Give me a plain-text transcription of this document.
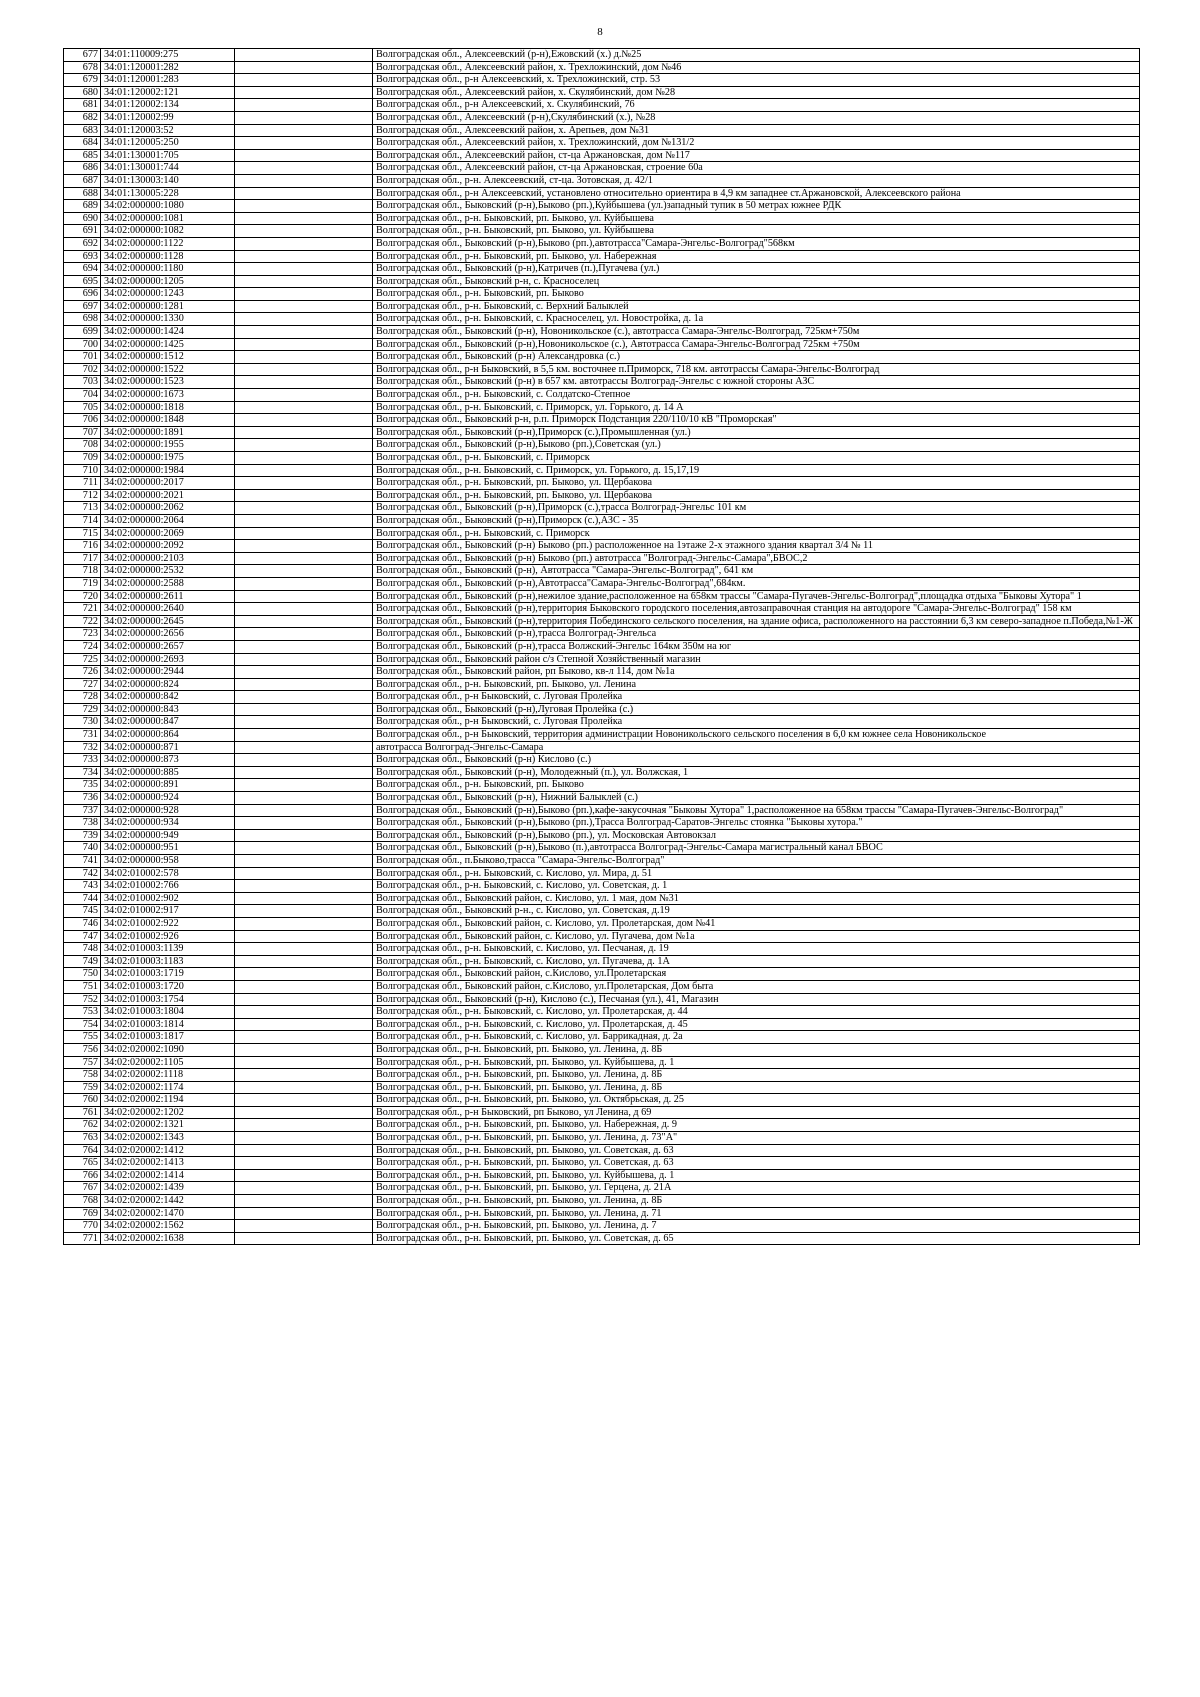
8
677	34:01:110009:275		Волгоградская обл., Алексеевский (р-н),Ежовский (х.) д.№25
678	34:01:120001:282		Волгоградская обл., Алексеевский район, х. Трехложинский, дом №46
679	34:01:120001:283		Волгоградская обл., р-н Алексеевский, х. Трехложинский, стр. 53
680	34:01:120002:121		Волгоградская обл., Алексеевский район, х. Скулябинский, дом №28
681	34:01:120002:134		Волгоградская обл., р-н Алексеевский, х. Скулябинский, 76
682	34:01:120002:99		Волгоградская обл., Алексеевский (р-н),Скулябинский (х.), №28
683	34:01:120003:52		Волгоградская обл., Алексеевский район, х. Арепьев, дом №31
684	34:01:120005:250		Волгоградская обл., Алексеевский район, х. Трехложинский, дом №131/2
685	34:01:130001:705		Волгоградская обл., Алексеевский район, ст-ца Аржановская, дом №117
686	34:01:130001:744		Волгоградская обл., Алексеевский район, ст-ца Аржановская, строение 60а
687	34:01:130003:140		Волгоградская обл., р-н. Алексеевский, ст-ца. Зотовская, д. 42/1
688	34:01:130005:228		Волгоградская обл., р-н Алексеевский, установлено относительно ориентира в 4,9 км западнее ст.Аржановской, Алексеевского района
689	34:02:000000:1080		Волгоградская обл., Быковский (р-н),Быково (рп.),Куйбышева (ул.)западный тупик в 50 метрах южнее РДК
690	34:02:000000:1081		Волгоградская обл., р-н. Быковский, рп. Быково, ул. Куйбышева
691	34:02:000000:1082		Волгоградская обл., р-н. Быковский, рп. Быково, ул. Куйбышева
692	34:02:000000:1122		Волгоградская обл., Быковский (р-н),Быково (рп.),автотрасса"Самара-Энгельс-Волгоград"568км
693	34:02:000000:1128		Волгоградская обл., р-н. Быковский, рп. Быково, ул. Набережная
694	34:02:000000:1180		Волгоградская обл., Быковский (р-н),Катричев (п.),Пугачева (ул.)
695	34:02:000000:1205		Волгоградская обл., Быковский р-н, с. Красноселец
696	34:02:000000:1243		Волгоградская обл., р-н. Быковский, рп. Быково
697	34:02:000000:1281		Волгоградская обл., р-н. Быковский, с. Верхний Балыклей
698	34:02:000000:1330		Волгоградская обл., р-н. Быковский, с. Красноселец, ул. Новостройка, д. 1а
699	34:02:000000:1424		Волгоградская обл., Быковский (р-н), Новоникольское (с.), автотрасса Самара-Энгельс-Волгоград, 725км+750м
700	34:02:000000:1425		Волгоградская обл., Быковский (р-н),Новоникольское (с.), Автотрасса Самара-Энгельс-Волгоград 725км +750м
701	34:02:000000:1512		Волгоградская обл., Быковский (р-н) Александровка (с.)
702	34:02:000000:1522		Волгоградская обл., р-н Быковский, в 5,5 км. восточнее п.Приморск, 718 км. автотрассы Самара-Энгельс-Волгоград
703	34:02:000000:1523		Волгоградская обл., Быковский (р-н) в 657 км. автотрассы Волгоград-Энгельс с южной стороны АЗС
704	34:02:000000:1673		Волгоградская обл., р-н. Быковский, с. Солдатско-Степное
705	34:02:000000:1818		Волгоградская обл., р-н. Быковский, с. Приморск, ул. Горького, д. 14 А
706	34:02:000000:1848		Волгоградская обл., Быковский р-н, р.п. Приморск Подстанция 220/110/10 кВ "Проморская"
707	34:02:000000:1891		Волгоградская обл., Быковский (р-н),Приморск (с.),Промышленная (ул.)
708	34:02:000000:1955		Волгоградская обл., Быковский (р-н),Быково (рп.),Советская (ул.)
709	34:02:000000:1975		Волгоградская обл., р-н. Быковский, с. Приморск
710	34:02:000000:1984		Волгоградская обл., р-н. Быковский, с. Приморск, ул. Горького, д. 15,17,19
711	34:02:000000:2017		Волгоградская обл., р-н. Быковский, рп. Быково, ул. Щербакова
712	34:02:000000:2021		Волгоградская обл., р-н. Быковский, рп. Быково, ул. Щербакова
713	34:02:000000:2062		Волгоградская обл., Быковский (р-н),Приморск (с.),трасса Волгоград-Энгельс 101 км
714	34:02:000000:2064		Волгоградская обл., Быковский (р-н),Приморск (с.),АЗС - 35
715	34:02:000000:2069		Волгоградская обл., р-н. Быковский, с. Приморск
716	34:02:000000:2092		Волгоградская обл., Быковский (р-н) Быково (рп.) расположенное на 1этаже 2-х этажного здания квартал 3/4 № 11
717	34:02:000000:2103		Волгоградская обл., Быковский (р-н) Быково (рп.) автотрасса "Волгоград-Энгельс-Самара",БВОС,2
718	34:02:000000:2532		Волгоградская обл., Быковский (р-н), Автотрасса "Самара-Энгельс-Волгоград", 641 км
719	34:02:000000:2588		Волгоградская обл., Быковский (р-н),Автотрасса"Самара-Энгельс-Волгоград",684км.
720	34:02:000000:2611		Волгоградская обл., Быковский (р-н),нежилое здание,расположенное на 658км трассы "Самара-Пугачев-Энгельс-Волгоград",площадка отдыха "Быковы Хутора" 1
721	34:02:000000:2640		Волгоградская обл., Быковский (р-н),территория Быковского городского поселения,автозаправочная станция на автодороге "Самара-Энгельс-Волгоград" 158 км
722	34:02:000000:2645		Волгоградская обл., Быковский (р-н),территория Побединского сельского поселения, на здание офиса, расположенного на расстоянии 6,3 км северо-западное п.Победа,№1-Ж
723	34:02:000000:2656		Волгоградская обл., Быковский (р-н),трасса Волгоград-Энгельса
724	34:02:000000:2657		Волгоградская обл., Быковский (р-н),трасса Волжский-Энгельс 164км 350м на юг
725	34:02:000000:2693		Волгоградская обл., Быковский район с/з Степной Хозяйственный магазин
726	34:02:000000:2944		Волгоградская обл., Быковский район, рп Быково, кв-л 114, дом №1а
727	34:02:000000:824		Волгоградская обл., р-н. Быковский, рп. Быково, ул. Ленина
728	34:02:000000:842		Волгоградская обл., р-н Быковский, с. Луговая Пролейка
729	34:02:000000:843		Волгоградская обл., Быковский (р-н),Луговая Пролейка (с.)
730	34:02:000000:847		Волгоградская обл., р-н Быковский, с. Луговая Пролейка
731	34:02:000000:864		Волгоградская обл., р-н Быковский, территория администрации Новоникольского сельского поселения в 6,0 км южнее села Новоникольское
732	34:02:000000:871		автотрасса Волгоград-Энгельс-Самара
733	34:02:000000:873		Волгоградская обл., Быковский (р-н) Кислово (с.)
734	34:02:000000:885		Волгоградская обл., Быковский (р-н), Молодежный (п.), ул. Волжская, 1
735	34:02:000000:891		Волгоградская обл., р-н. Быковский, рп. Быково
736	34:02:000000:924		Волгоградская обл., Быковский (р-н), Нижний Балыклей (с.)
737	34:02:000000:928		Волгоградская обл., Быковский (р-н),Быково (рп.),кафе-закусочная "Быковы Хутора" 1,расположенное на 658км трассы "Самара-Пугачев-Энгельс-Волгоград"
738	34:02:000000:934		Волгоградская обл., Быковский (р-н),Быково (рп.),Трасса Волгоград-Саратов-Энгельс стоянка "Быковы хутора."
739	34:02:000000:949		Волгоградская обл., Быковский (р-н),Быково (рп.), ул. Московская Автовокзал
740	34:02:000000:951		Волгоградская обл., Быковский (р-н),Быково (п.),автотрасса Волгоград-Энгельс-Самара магистральный канал БВОС
741	34:02:000000:958		Волгоградская обл., п.Быково,трасса "Самара-Энгельс-Волгоград"
742	34:02:010002:578		Волгоградская обл., р-н. Быковский, с. Кислово, ул. Мира, д. 51
743	34:02:010002:766		Волгоградская обл., р-н. Быковский, с. Кислово, ул. Советская, д. 1
744	34:02:010002:902		Волгоградская обл., Быковский район, с. Кислово, ул. 1 мая, дом №31
745	34:02:010002:917		Волгоградская обл., Быковский р-н., с. Кислово, ул. Советская, д.19
746	34:02:010002:922		Волгоградская обл., Быковский район, с. Кислово, ул. Пролетарская, дом №41
747	34:02:010002:926		Волгоградская обл., Быковский район, с. Кислово, ул. Пугачева, дом №1а
748	34:02:010003:1139		Волгоградская обл., р-н. Быковский, с. Кислово, ул. Песчаная, д. 19
749	34:02:010003:1183		Волгоградская обл., р-н. Быковский, с. Кислово, ул. Пугачева, д. 1А
750	34:02:010003:1719		Волгоградская обл., Быковский район, с.Кислово, ул.Пролетарская
751	34:02:010003:1720		Волгоградская обл., Быковский район, с.Кислово, ул.Пролетарская, Дом быта
752	34:02:010003:1754		Волгоградская обл., Быковский (р-н), Кислово (с.), Песчаная (ул.), 41, Магазин
753	34:02:010003:1804		Волгоградская обл., р-н. Быковский, с. Кислово, ул. Пролетарская, д. 44
754	34:02:010003:1814		Волгоградская обл., р-н. Быковский, с. Кислово, ул. Пролетарская, д. 45
755	34:02:010003:1817		Волгоградская обл., р-н. Быковский, с. Кислово, ул. Баррикадная, д. 2а
756	34:02:020002:1090		Волгоградская обл., р-н. Быковский, рп. Быково, ул. Ленина, д. 8Б
757	34:02:020002:1105		Волгоградская обл., р-н. Быковский, рп. Быково, ул. Куйбышева, д. 1
758	34:02:020002:1118		Волгоградская обл., р-н. Быковский, рп. Быково, ул. Ленина, д. 8Б
759	34:02:020002:1174		Волгоградская обл., р-н. Быковский, рп. Быково, ул. Ленина, д. 8Б
760	34:02:020002:1194		Волгоградская обл., р-н. Быковский, рп. Быково, ул. Октябрьская, д. 25
761	34:02:020002:1202		Волгоградская обл., р-н Быковский, рп Быково, ул Ленина, д 69
762	34:02:020002:1321		Волгоградская обл., р-н. Быковский, рп. Быково, ул. Набережная, д. 9
763	34:02:020002:1343		Волгоградская обл., р-н. Быковский, рп. Быково, ул. Ленина, д. 73"А"
764	34:02:020002:1412		Волгоградская обл., р-н. Быковский, рп. Быково, ул. Советская, д. 63
765	34:02:020002:1413		Волгоградская обл., р-н. Быковский, рп. Быково, ул. Советская, д. 63
766	34:02:020002:1414		Волгоградская обл., р-н. Быковский, рп. Быково, ул. Куйбышева, д. 1
767	34:02:020002:1439		Волгоградская обл., р-н. Быковский, рп. Быково, ул. Герцена, д. 21А
768	34:02:020002:1442		Волгоградская обл., р-н. Быковский, рп. Быково, ул. Ленина, д. 8Б
769	34:02:020002:1470		Волгоградская обл., р-н. Быковский, рп. Быково, ул. Ленина, д. 71
770	34:02:020002:1562		Волгоградская обл., р-н. Быковский, рп. Быково, ул. Ленина, д. 7
771	34:02:020002:1638		Волгоградская обл., р-н. Быковский, рп. Быково, ул. Советская, д. 65
